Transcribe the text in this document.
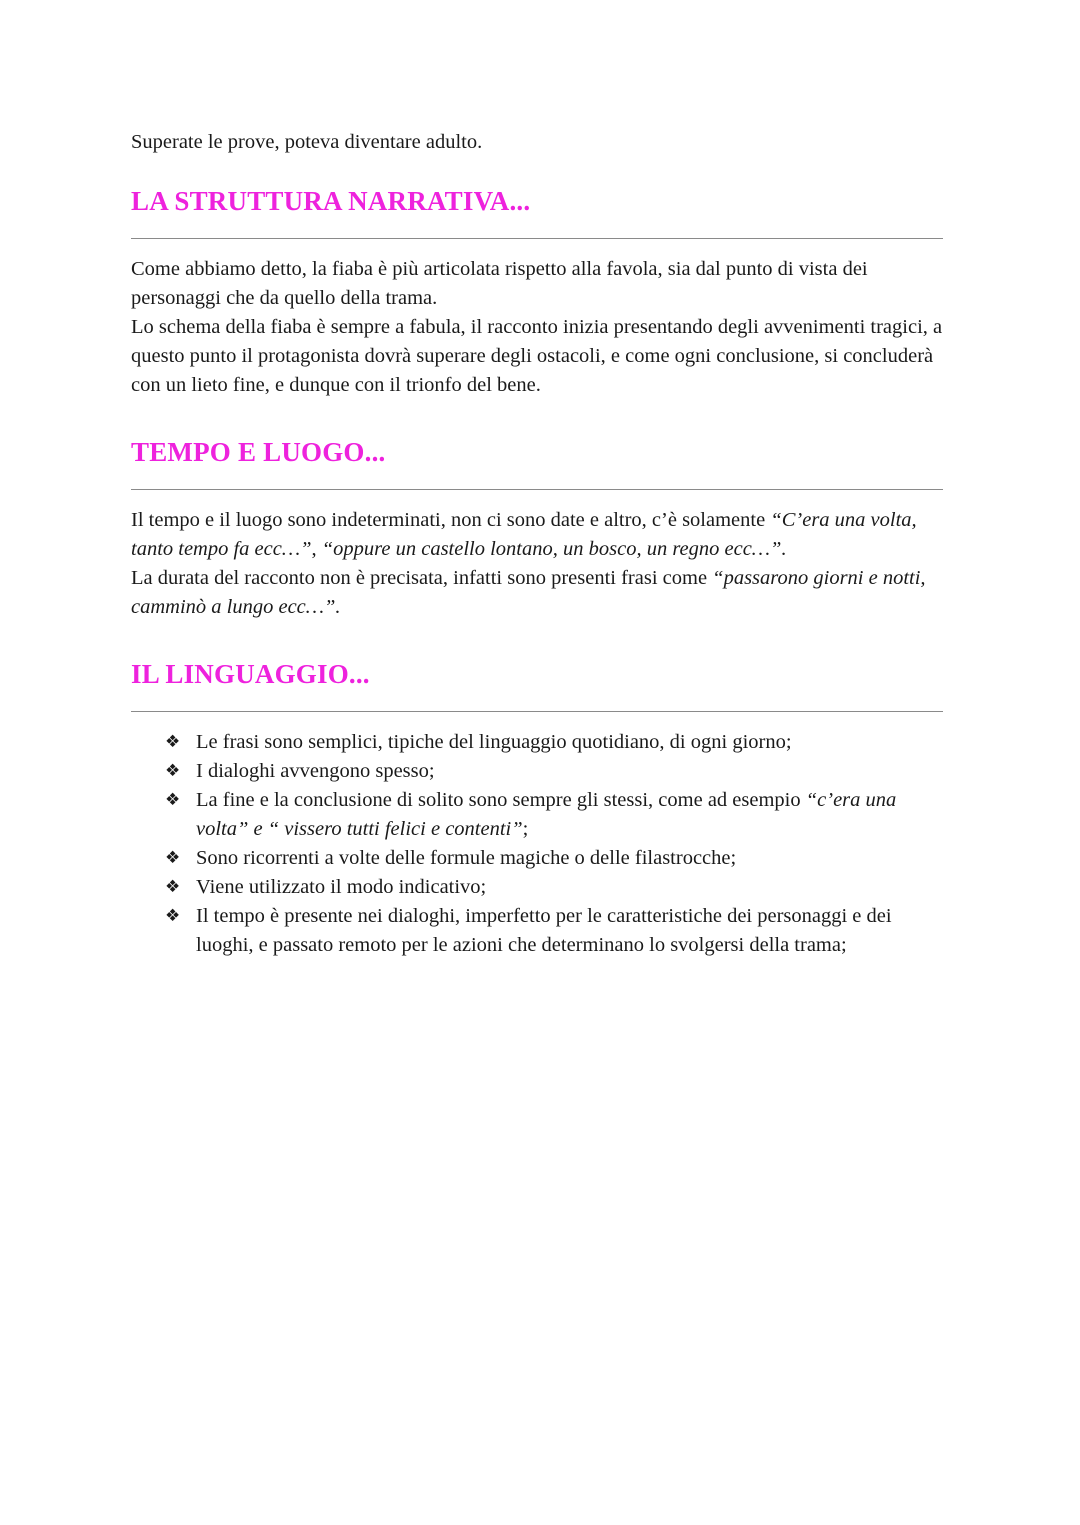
Superate le prove, poteva diventare adulto.

LA STRUTTURA NARRATIVA...

Come abbiamo detto, la fiaba è più articolata rispetto alla favola, sia dal punto di vista dei personaggi che da quello della trama.

Lo schema della fiaba è sempre a fabula, il racconto inizia presentando degli avvenimenti tragici, a questo punto il protagonista dovrà superare degli ostacoli, e come ogni conclusione, si concluderà con un lieto fine, e dunque con il trionfo del bene.

TEMPO E LUOGO...

Il tempo e il luogo sono indeterminati, non ci sono date e altro, c’è solamente “C’era una volta, tanto tempo fa ecc…”, “oppure un castello lontano, un bosco, un regno ecc…”.

La durata del racconto non è precisata, infatti sono presenti frasi come “passarono giorni e notti, camminò a lungo ecc…”.

IL LINGUAGGIO...
❖ Le frasi sono semplici, tipiche del linguaggio quotidiano, di ogni giorno;
❖ I dialoghi avvengono spesso;
❖ La fine e la conclusione di solito sono sempre gli stessi, come ad esempio “c’era una volta” e “ vissero tutti felici e contenti”;
❖ Sono ricorrenti a volte delle formule magiche o delle filastrocche;
❖ Viene utilizzato il modo indicativo;
❖ Il tempo è presente nei dialoghi, imperfetto per le caratteristiche dei personaggi e dei luoghi, e passato remoto per le azioni che determinano lo svolgersi della trama;
